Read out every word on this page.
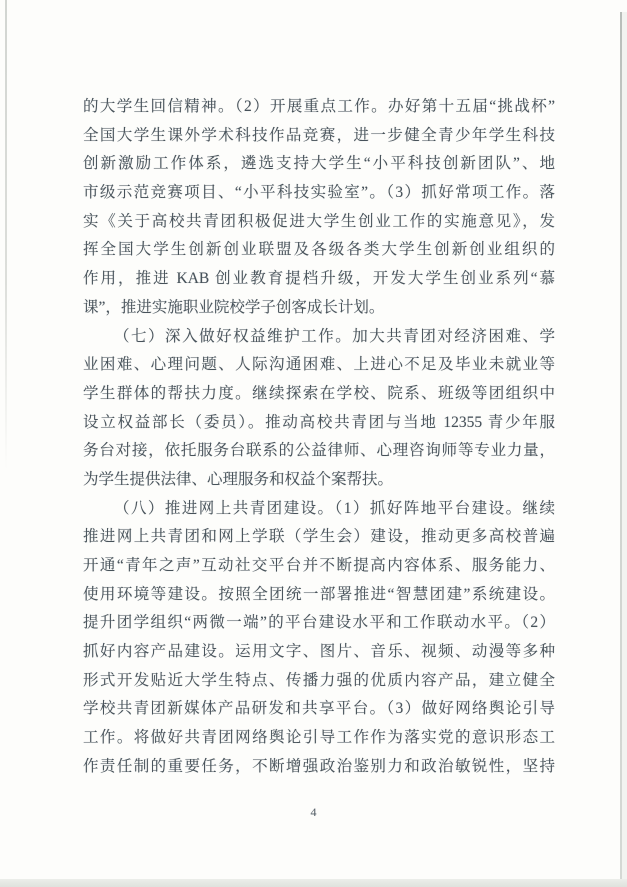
的大学生回信精神。（2）开展重点工作。办好第十五届“挑战杯”
全国大学生课外学术科技作品竞赛，进一步健全青少年学生科技
创新激励工作体系，遴选支持大学生“小平科技创新团队”、地
市级示范竞赛项目、“小平科技实验室”。（3）抓好常项工作。落
实《关于高校共青团积极促进大学生创业工作的实施意见》，发
挥全国大学生创新创业联盟及各级各类大学生创新创业组织的
作用，推进 KAB 创业教育提档升级，开发大学生创业系列“慕
课”，推进实施职业院校学子创客成长计划。
（七）深入做好权益维护工作。加大共青团对经济困难、学
业困难、心理问题、人际沟通困难、上进心不足及毕业未就业等
学生群体的帮扶力度。继续探索在学校、院系、班级等团组织中
设立权益部长（委员）。推动高校共青团与当地 12355 青少年服
务台对接，依托服务台联系的公益律师、心理咨询师等专业力量，
为学生提供法律、心理服务和权益个案帮扶。
（八）推进网上共青团建设。（1）抓好阵地平台建设。继续
推进网上共青团和网上学联（学生会）建设，推动更多高校普遍
开通“青年之声”互动社交平台并不断提高内容体系、服务能力、
使用环境等建设。按照全团统一部署推进“智慧团建”系统建设。
提升团学组织“两微一端”的平台建设水平和工作联动水平。（2）
抓好内容产品建设。运用文字、图片、音乐、视频、动漫等多种
形式开发贴近大学生特点、传播力强的优质内容产品，建立健全
学校共青团新媒体产品研发和共享平台。（3）做好网络舆论引导
工作。将做好共青团网络舆论引导工作作为落实党的意识形态工
作责任制的重要任务，不断增强政治鉴别力和政治敏锐性，坚持
4
